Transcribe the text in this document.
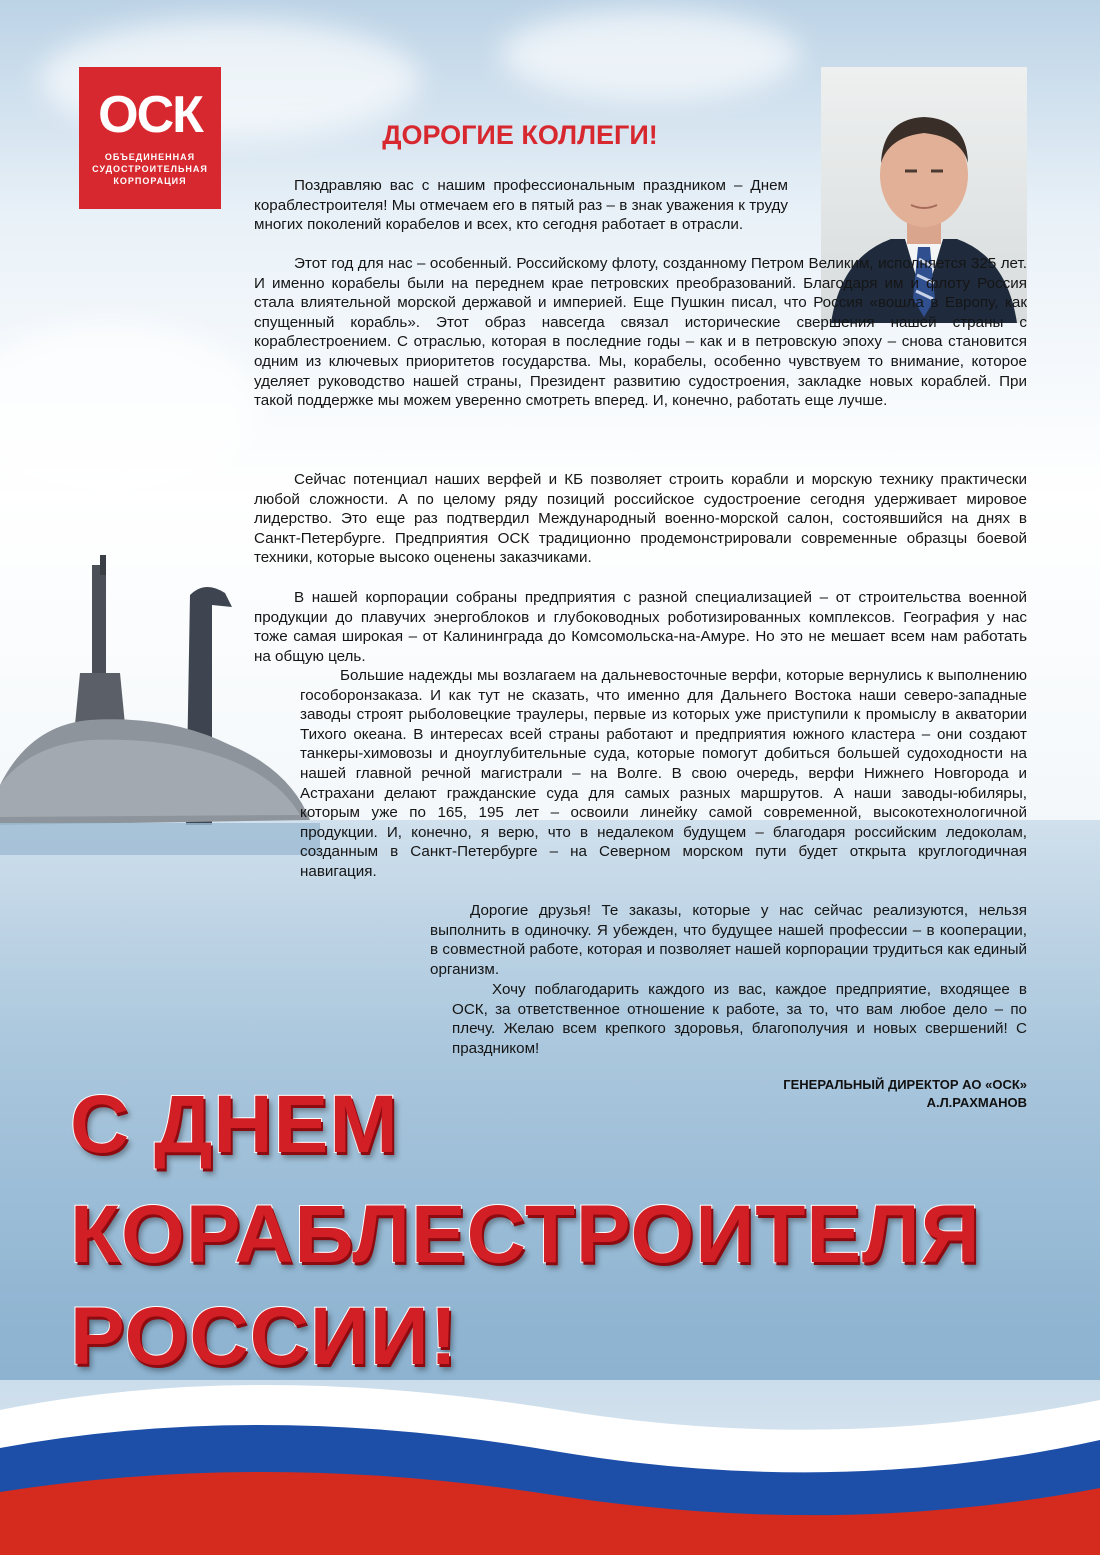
ОСК
ОБЪЕДИНЕННАЯ СУДОСТРОИТЕЛЬНАЯ КОРПОРАЦИЯ
ДОРОГИЕ КОЛЛЕГИ!

Поздравляю вас с нашим профессиональным праздником – Днем кораблестроителя! Мы отмечаем его в пятый раз – в знак уважения к труду многих поколений корабелов и всех, кто сегодня работает в отрасли.

Этот год для нас – особенный. Российскому флоту, созданному Петром Великим, исполняется 325 лет. И именно корабелы были на переднем крае петровских преобразований. Благодаря им и флоту Россия стала влиятельной морской державой и империей. Еще Пушкин писал, что Россия «вошла в Европу, как спущенный корабль». Этот образ навсегда связал исторические свершения нашей страны с кораблестроением. С отраслью, которая в последние годы – как и в петровскую эпоху – снова становится одним из ключевых приоритетов государства. Мы, корабелы, особенно чувствуем то внимание, которое уделяет руководство нашей страны, Президент развитию судостроения, закладке новых кораблей. При такой поддержке мы можем уверенно смотреть вперед. И, конечно, работать еще лучше.

Сейчас потенциал наших верфей и КБ позволяет строить корабли и морскую технику практически любой сложности. А по целому ряду позиций российское судостроение сегодня удерживает мировое лидерство. Это еще раз подтвердил Международный военно-морской салон, состоявшийся на днях в Санкт-Петербурге. Предприятия ОСК традиционно продемонстрировали современные образцы боевой техники, которые высоко оценены заказчиками.

В нашей корпорации собраны предприятия с разной специализацией – от строительства военной продукции до плавучих энергоблоков и глубоководных роботизированных комплексов. География у нас тоже самая широкая – от Калининграда до Комсомольска-на-Амуре. Но это не мешает всем нам работать на общую цель.

Большие надежды мы возлагаем на дальневосточные верфи, которые вернулись к выполнению гособоронзаказа. И как тут не сказать, что именно для Дальнего Востока наши северо-западные заводы строят рыболовецкие траулеры, первые из которых уже приступили к промыслу в акватории Тихого океана. В интересах всей страны работают и предприятия южного кластера – они создают танкеры-химовозы и дноуглубительные суда, которые помогут добиться большей судоходности на нашей главной речной магистрали – на Волге. В свою очередь, верфи Нижнего Новгорода и Астрахани делают гражданские суда для самых разных маршрутов. А наши заводы-юбиляры, которым уже по 165, 195 лет – освоили линейку самой современной, высокотехнологичной продукции. И, конечно, я верю, что в недалеком будущем – благодаря российским ледоколам, созданным в Санкт-Петербурге – на Северном морском пути будет открыта круглогодичная навигация.

Дорогие друзья! Те заказы, которые у нас сейчас реализуются, нельзя выполнить в одиночку. Я убежден, что будущее нашей профессии – в кооперации, в совместной работе, которая и позволяет нашей корпорации трудиться как единый организм.

Хочу поблагодарить каждого из вас, каждое предприятие, входящее в ОСК, за ответственное отношение к работе, за то, что вам любое дело – по плечу. Желаю всем крепкого здоровья, благополучия и новых свершений! С праздником!

ГЕНЕРАЛЬНЫЙ ДИРЕКТОР АО «ОСК»
А.Л.РАХМАНОВ
С ДНЕМ
КОРАБЛЕСТРОИТЕЛЯ
РОССИИ!
